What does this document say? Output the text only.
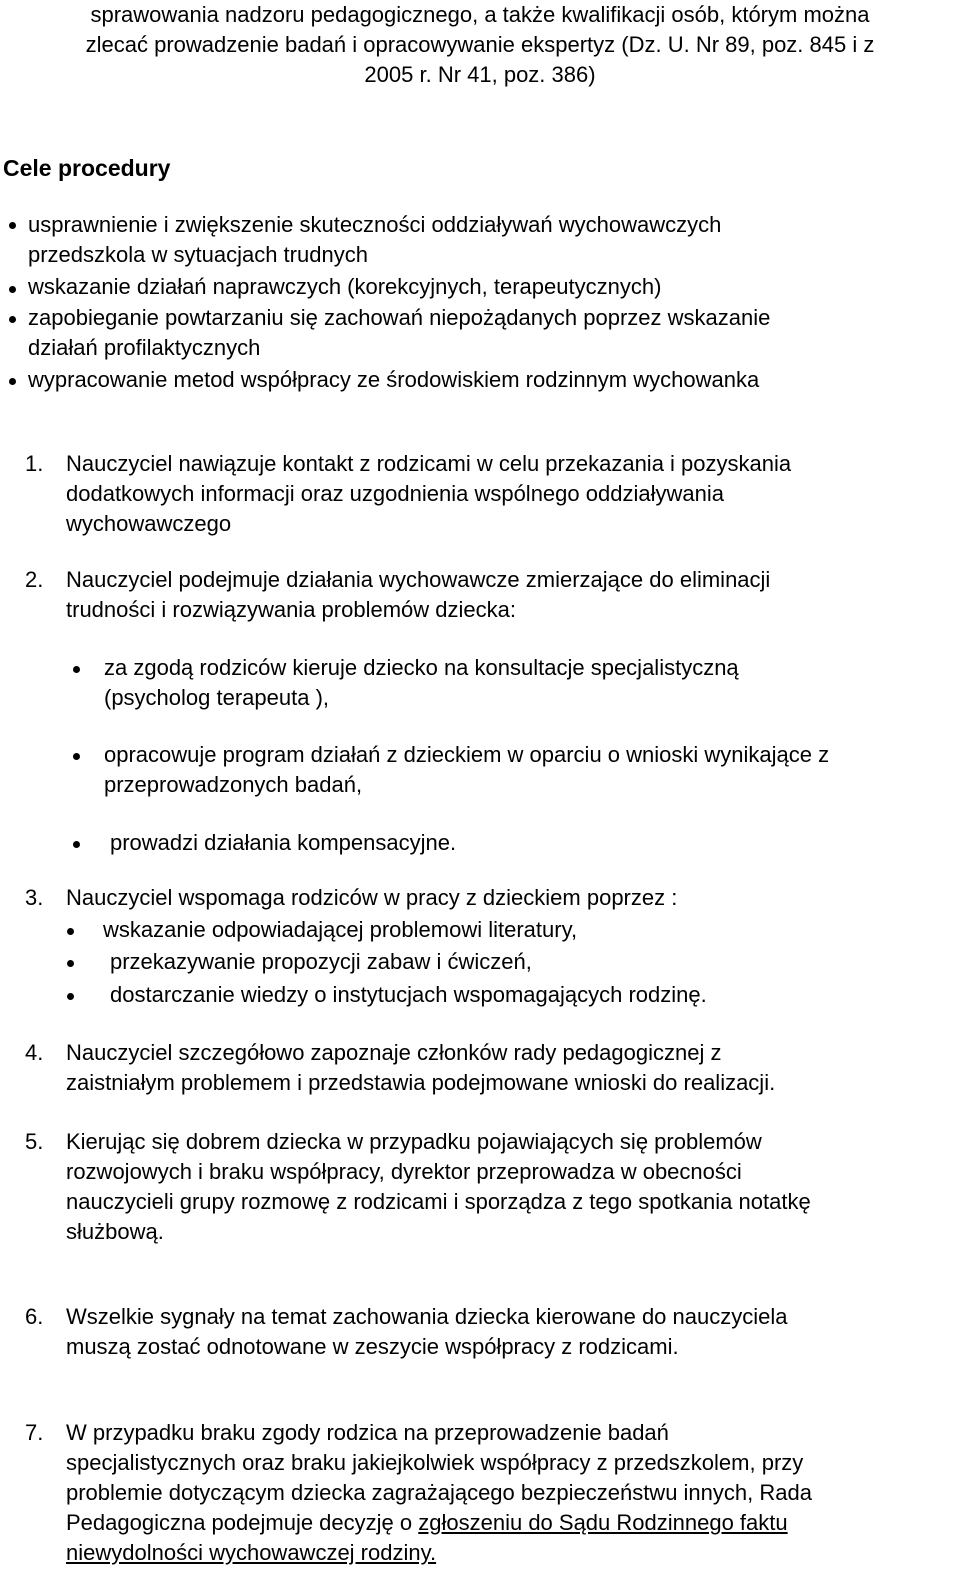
sprawowania nadzoru pedagogicznego, a także kwalifikacji osób, którym można
zlecać prowadzenie badań i opracowywanie ekspertyz (Dz. U. Nr 89, poz. 845 i z
2005 r. Nr 41, poz. 386)
Cele procedury
usprawnienie i zwiększenie skuteczności oddziaływań wychowawczych
przedszkola w sytuacjach trudnych
wskazanie działań naprawczych (korekcyjnych, terapeutycznych)
zapobieganie powtarzaniu się zachowań niepożądanych poprzez wskazanie
działań profilaktycznych
wypracowanie metod współpracy ze środowiskiem rodzinnym wychowanka
1. Nauczyciel nawiązuje kontakt z rodzicami w celu przekazania i pozyskania
dodatkowych informacji oraz uzgodnienia wspólnego oddziaływania
wychowawczego
2. Nauczyciel podejmuje działania wychowawcze zmierzające do eliminacji
trudności i rozwiązywania problemów dziecka:
za zgodą rodziców kieruje dziecko na konsultacje specjalistyczną
(psycholog terapeuta ),
opracowuje program działań z dzieckiem w oparciu o wnioski wynikające z
przeprowadzonych badań,
prowadzi działania kompensacyjne.
3. Nauczyciel wspomaga rodziców w pracy z dzieckiem poprzez :
wskazanie odpowiadającej problemowi literatury,
przekazywanie propozycji zabaw i ćwiczeń,
dostarczanie wiedzy o instytucjach wspomagających rodzinę.
4. Nauczyciel szczegółowo zapoznaje członków rady pedagogicznej z
zaistniałym problemem i przedstawia podejmowane wnioski do realizacji.
5. Kierując się dobrem dziecka w przypadku pojawiających się problemów
rozwojowych i braku współpracy, dyrektor przeprowadza w obecności
nauczycieli grupy rozmowę z rodzicami i sporządza z tego spotkania notatkę
służbową.
6. Wszelkie sygnały na temat zachowania dziecka kierowane do nauczyciela
muszą zostać odnotowane w zeszycie współpracy z rodzicami.
7. W przypadku braku zgody rodzica na przeprowadzenie badań
specjalistycznych oraz braku jakiejkolwiek współpracy z przedszkolem, przy
problemie dotyczącym dziecka zagrażającego bezpieczeństwu innych, Rada
Pedagogiczna podejmuje decyzję o zgłoszeniu do Sądu Rodzinnego faktu
niewydolności wychowawczej rodziny.
